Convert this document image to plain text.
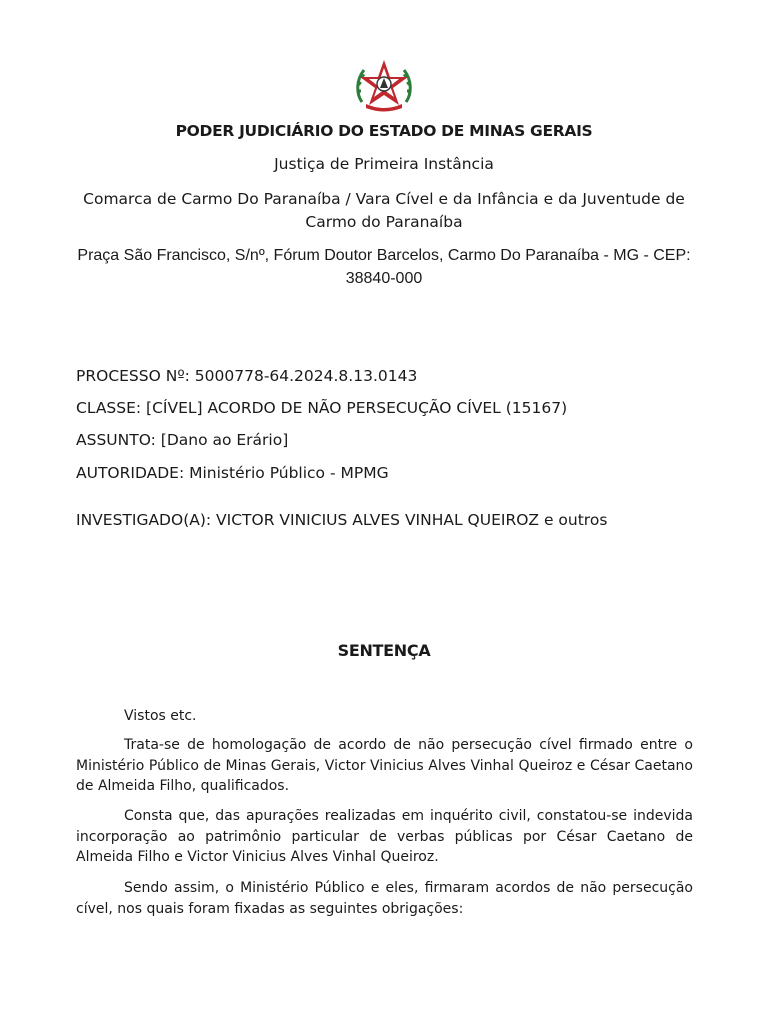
PODER JUDICIÁRIO DO ESTADO DE MINAS GERAIS
Justiça de Primeira Instância
Comarca de Carmo Do Paranaíba / Vara Cível e da Infância e da Juventude de Carmo do Paranaíba
Praça São Francisco, S/nº, Fórum Doutor Barcelos, Carmo Do Paranaíba - MG - CEP: 38840-000
PROCESSO Nº: 5000778-64.2024.8.13.0143
CLASSE: [CÍVEL] ACORDO DE NÃO PERSECUÇÃO CÍVEL (15167)
ASSUNTO: [Dano ao Erário]
AUTORIDADE: Ministério Público - MPMG
INVESTIGADO(A): VICTOR VINICIUS ALVES VINHAL QUEIROZ e outros
SENTENÇA

Vistos etc.

Trata-se de homologação de acordo de não persecução cível firmado entre o Ministério Público de Minas Gerais, Victor Vinicius Alves Vinhal Queiroz e César Caetano de Almeida Filho, qualificados.

Consta que, das apurações realizadas em inquérito civil, constatou-se indevida incorporação ao patrimônio particular de verbas públicas por César Caetano de Almeida Filho e Victor Vinicius Alves Vinhal Queiroz.

Sendo assim, o Ministério Público e eles, firmaram acordos de não persecução cível, nos quais foram fixadas as seguintes obrigações:
